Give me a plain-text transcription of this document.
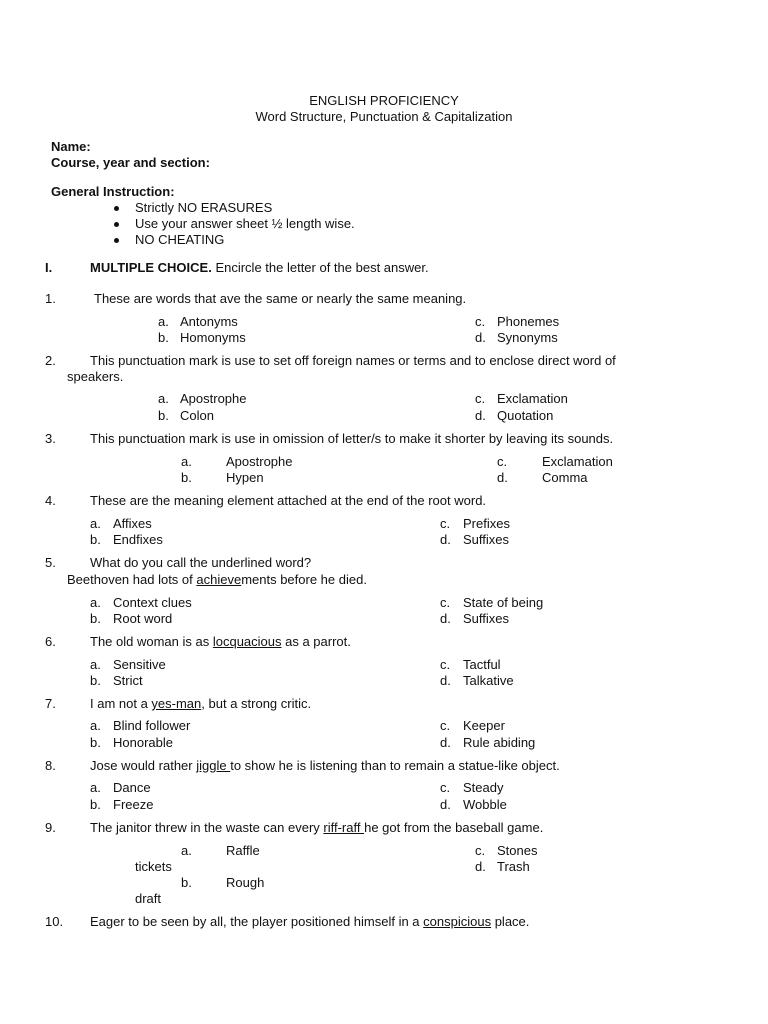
ENGLISH PROFICIENCY
Word Structure, Punctuation & Capitalization
Name:
Course, year and section:
General Instruction:
Strictly NO ERASURES
Use your answer sheet ½ length wise.
NO CHEATING
I.	MULTIPLE CHOICE. Encircle the letter of the best answer.
1.	These are words that ave the same or nearly the same meaning.
a. Antonyms
b. Homonyms
c. Phonemes
d. Synonyms
2.	This punctuation mark is use to set off foreign names or terms and to enclose direct word of
speakers.
a. Apostrophe
b. Colon
c. Exclamation
d. Quotation
3.	This punctuation mark is use in omission of letter/s to make it shorter by leaving its sounds.
a.	Apostrophe
b.	Hypen
c.	Exclamation
d.	Comma
4.	These are the meaning element attached at the end of the root word.
a. Affixes
b. Endfixes
c. Prefixes
d. Suffixes
5.	What do you call the underlined word?
Beethoven had lots of achievements before he died.
a. Context clues
b. Root word
c. State of being
d. Suffixes
6.	The old woman is as locquacious as a parrot.
a. Sensitive
b. Strict
c. Tactful
d. Talkative
7.	I am not a yes-man, but a strong critic.
a. Blind follower
b. Honorable
c. Keeper
d. Rule abiding
8.	Jose would rather jiggle to show he is listening than to remain a statue-like object.
a. Dance
b. Freeze
c. Steady
d. Wobble
9.	The janitor threw in the waste can every riff-raff he got from the baseball game.
a.	Raffle
tickets
b.	Rough
draft
c. Stones
d. Trash
10. Eager to be seen by all, the player positioned himself in a conspicious place.
